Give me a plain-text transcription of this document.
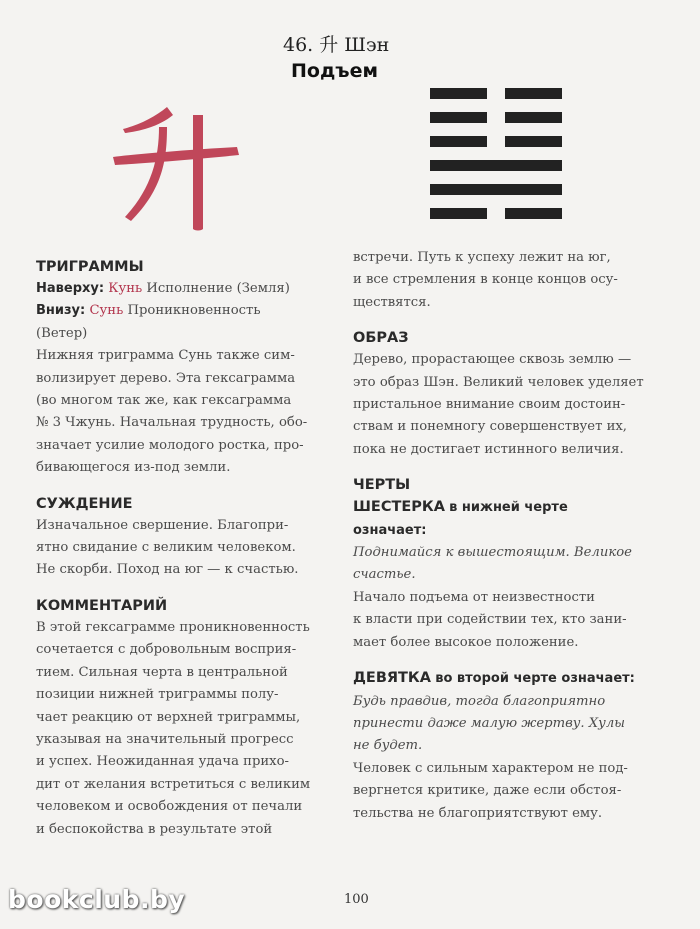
46. 升 Шэн
Подъем

ТРИГРАММЫ

Наверху: Кунь Исполнение (Земля)

Внизу: Сунь Проникновенность

(Ветер)

Нижняя триграмма Сунь также сим-

волизирует дерево. Эта гексаграмма

(во многом так же, как гексаграмма

№ 3 Чжунь. Начальная трудность, обо-

значает усилие молодого ростка, про-

бивающегося из-под земли.

СУЖДЕНИЕ

Изначальное свершение. Благопри-

ятно свидание с великим человеком.

Не скорби. Поход на юг — к счастью.

КОММЕНТАРИЙ

В этой гексаграмме проникновенность

сочетается с добровольным восприя-

тием. Сильная черта в центральной

позиции нижней триграммы полу-

чает реакцию от верхней триграммы,

указывая на значительный прогресс

и успех. Неожиданная удача прихо-

дит от желания встретиться с великим

человеком и освобождения от печали

и беспокойства в результате этой

встречи. Путь к успеху лежит на юг,

и все стремления в конце концов осу-

ществятся.

ОБРАЗ

Дерево, прорастающее сквозь землю —

это образ Шэн. Великий человек уделяет

пристальное внимание своим достоин-

ствам и понемногу совершенствует их,

пока не достигает истинного величия.

ЧЕРТЫ

ШЕСТЕРКА в нижней черте

означает:

Поднимайся к вышестоящим. Великое

счастье.

Начало подъема от неизвестности

к власти при содействии тех, кто зани-

мает более высокое положение.

ДЕВЯТКА во второй черте означает:

Будь правдив, тогда благоприятно

принести даже малую жертву. Хулы

не будет.

Человек с сильным характером не под-

вергнется критике, даже если обстоя-

тельства не благоприятствуют ему.

100
bookclub.by
